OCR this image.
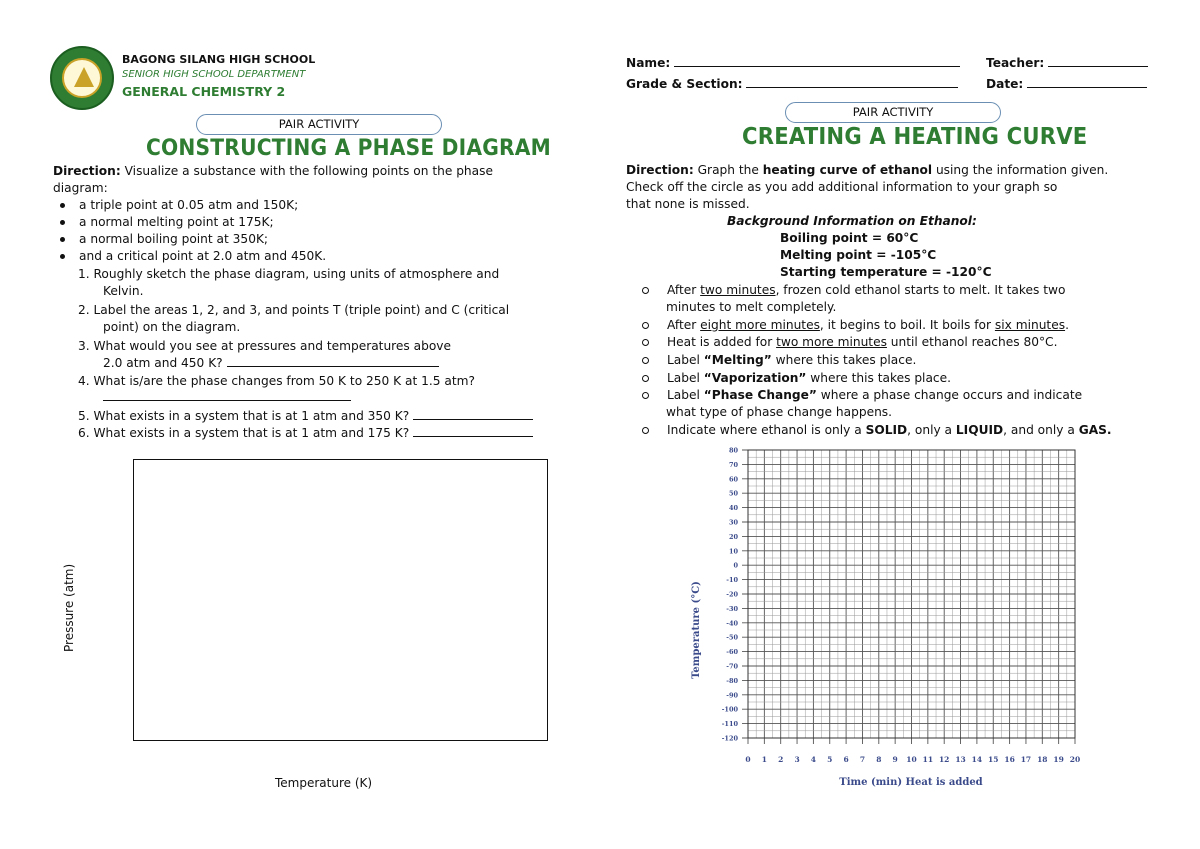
BAGONG SILANG HIGH SCHOOL
SENIOR HIGH SCHOOL DEPARTMENT
GENERAL CHEMISTRY 2
PAIR ACTIVITY
CONSTRUCTING A PHASE DIAGRAM
Direction: Visualize a substance with the following points on the phase
diagram:
a triple point at 0.05 atm and 150K;
a normal melting point at 175K;
a normal boiling point at 350K;
and a critical point at 2.0 atm and 450K.
1. Roughly sketch the phase diagram, using units of atmosphere and
Kelvin.
2. Label the areas 1, 2, and 3, and points T (triple point) and C (critical
point) on the diagram.
3. What would you see at pressures and temperatures above
2.0 atm and 450 K?
4. What is/are the phase changes from 50 K to 250 K at 1.5 atm?
5. What exists in a system that is at 1 atm and 350 K?
6. What exists in a system that is at 1 atm and 175 K?
Pressure (atm)
Temperature (K)
Name:	Teacher:
Grade & Section:	Date:
PAIR ACTIVITY
CREATING A HEATING CURVE
Direction: Graph the heating curve of ethanol using the information given.
Check off the circle as you add additional information to your graph so
that none is missed.
Background Information on Ethanol:
Boiling point = 60°C
Melting point = -105°C
Starting temperature = -120°C
After two minutes, frozen cold ethanol starts to melt. It takes two
minutes to melt completely.
After eight more minutes, it begins to boil. It boils for six minutes.
Heat is added for two more minutes until ethanol reaches 80°C.
Label “Melting” where this takes place.
Label “Vaporization” where this takes place.
Label “Phase Change” where a phase change occurs and indicate
what type of phase change happens.
Indicate where ethanol is only a SOLID, only a LIQUID, and only a GAS.
80
70
60
50
40
30
20
10
0
-10
-20
-30
-40
-50
-60
-70
-80
-90
-100
-110
-120
0 1 2 3 4 5 6 7 8 9 10 11 12 13 14 15 16 17 18 19 20
Temperature (°C)
Time (min) Heat is added
